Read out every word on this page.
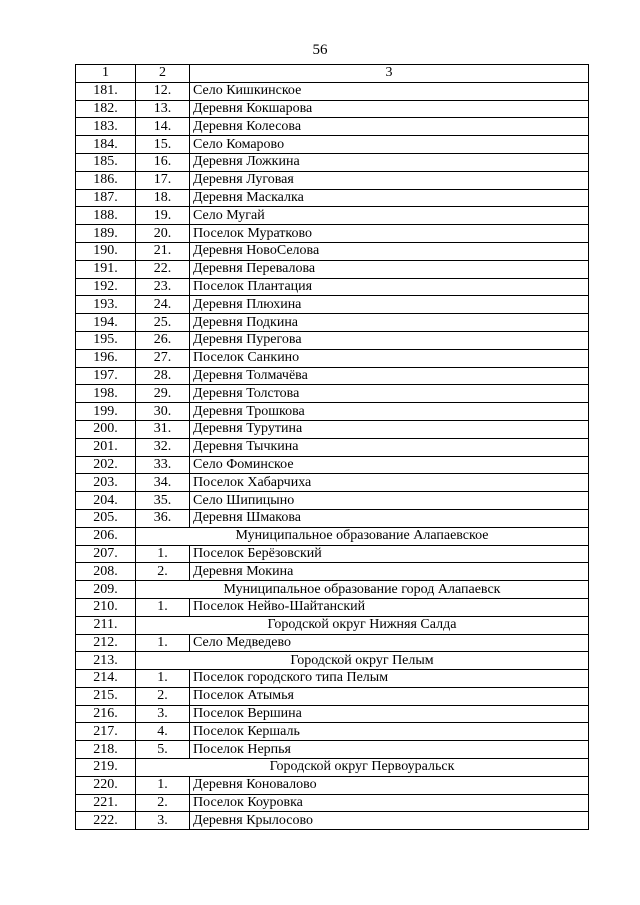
56
1	2	3
181.	12.	Село Кишкинское
182.	13.	Деревня Кокшарова
183.	14.	Деревня Колесова
184.	15.	Село Комарово
185.	16.	Деревня Ложкина
186.	17.	Деревня Луговая
187.	18.	Деревня Маскалка
188.	19.	Село Мугай
189.	20.	Поселок Муратково
190.	21.	Деревня НовоСелова
191.	22.	Деревня Перевалова
192.	23.	Поселок Плантация
193.	24.	Деревня Плюхина
194.	25.	Деревня Подкина
195.	26.	Деревня Пурегова
196.	27.	Поселок Санкино
197.	28.	Деревня Толмачёва
198.	29.	Деревня Толстова
199.	30.	Деревня Трошкова
200.	31.	Деревня Турутина
201.	32.	Деревня Тычкина
202.	33.	Село Фоминское
203.	34.	Поселок Хабарчиха
204.	35.	Село Шипицыно
205.	36.	Деревня Шмакова
206.	Муниципальное образование Алапаевское	
207.	1.	Поселок Берёзовский
208.	2.	Деревня Мокина
209.	Муниципальное образование город Алапаевск	
210.	1.	Поселок Нейво-Шайтанский
211.	Городской округ Нижняя Салда	
212.	1.	Село Медведево
213.	Городской округ Пелым	
214.	1.	Поселок городского типа Пелым
215.	2.	Поселок Атымья
216.	3.	Поселок Вершина
217.	4.	Поселок Кершаль
218.	5.	Поселок Нерпья
219.	Городской округ Первоуральск	
220.	1.	Деревня Коновалово
221.	2.	Поселок Коуровка
222.	3.	Деревня Крылосово
